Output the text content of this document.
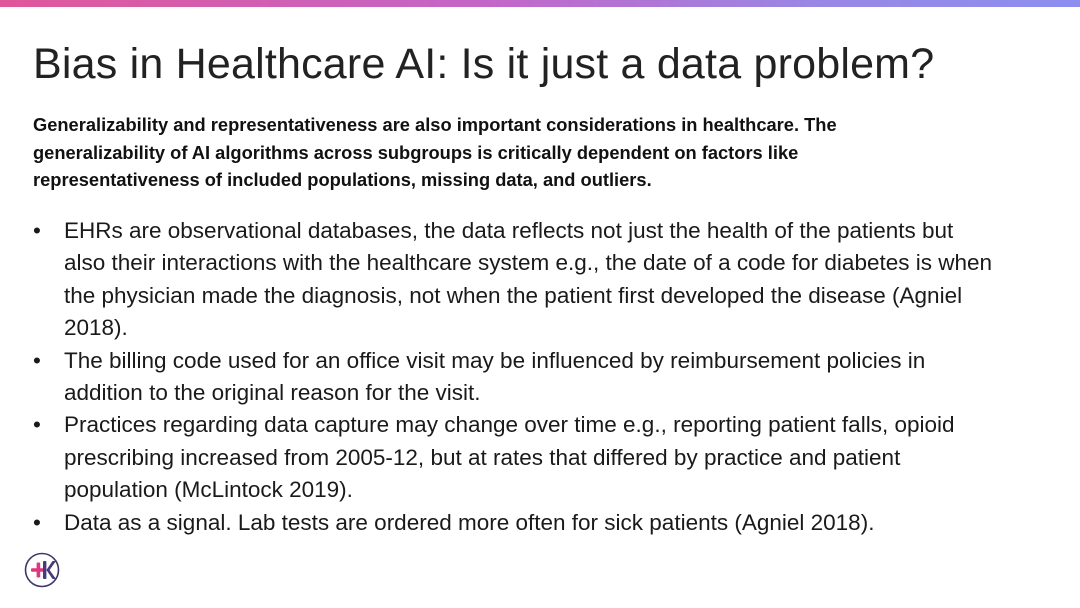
Bias in Healthcare AI: Is it just a data problem?

Generalizability and representativeness are also important considerations in healthcare. The generalizability of AI algorithms across subgroups is critically dependent on factors like representativeness of included populations, missing data, and outliers.

• EHRs are observational databases, the data reflects not just the health of the patients but also their interactions with the healthcare system e.g., the date of a code for diabetes is when the physician made the diagnosis, not when the patient first developed the disease (Agniel 2018).
• The billing code used for an office visit may be influenced by reimbursement policies in addition to the original reason for the visit.
• Practices regarding data capture may change over time e.g., reporting patient falls, opioid prescribing increased from 2005-12, but at rates that differed by practice and patient population (McLintock 2019).
• Data as a signal. Lab tests are ordered more often for sick patients (Agniel 2018).
